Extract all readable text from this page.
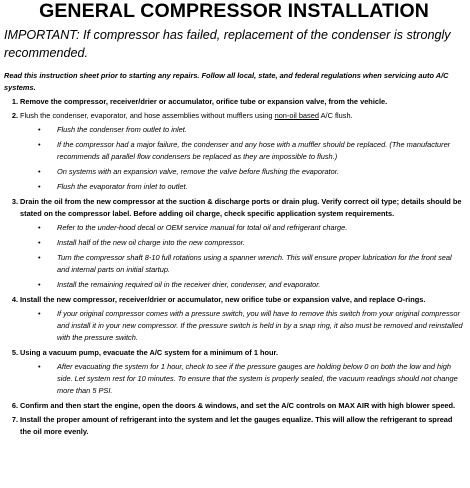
GENERAL COMPRESSOR INSTALLATION

IMPORTANT: If compressor has failed, replacement of the condenser is strongly recommended.

Read this instruction sheet prior to starting any repairs. Follow all local, state, and federal regulations when servicing auto A/C systems.

1. Remove the compressor, receiver/drier or accumulator, orifice tube or expansion valve, from the vehicle.
2. Flush the condenser, evaporator, and hose assemblies without mufflers using non-oil based A/C flush.
• Flush the condenser from outlet to inlet.
• If the compressor had a major failure, the condenser and any hose with a muffler should be replaced. (The manufacturer recommends all parallel flow condensers be replaced as they are impossible to flush.)
• On systems with an expansion valve, remove the valve before flushing the evaporator.
• Flush the evaporator from inlet to outlet.
3. Drain the oil from the new compressor at the suction & discharge ports or drain plug. Verify correct oil type; details should be stated on the compressor label. Before adding oil charge, check specific application system requirements.
• Refer to the under-hood decal or OEM service manual for total oil and refrigerant charge.
• Install half of the new oil charge into the new compressor.
• Turn the compressor shaft 8-10 full rotations using a spanner wrench. This will ensure proper lubrication for the front seal and internal parts on initial startup.
• Install the remaining required oil in the receiver drier, condenser, and evaporator.
4. Install the new compressor, receiver/drier or accumulator, new orifice tube or expansion valve, and replace O-rings.
• If your original compressor comes with a pressure switch, you will have to remove this switch from your original compressor and install it in your new compressor. If the pressure switch is held in by a snap ring, it also must be removed and reinstalled with the pressure switch.
5. Using a vacuum pump, evacuate the A/C system for a minimum of 1 hour.
• After evacuating the system for 1 hour, check to see if the pressure gauges are holding below 0 on both the low and high side. Let system rest for 10 minutes. To ensure that the system is properly sealed, the vacuum readings should not change more than 5 PSI.
6. Confirm and then start the engine, open the doors & windows, and set the A/C controls on MAX AIR with high blower speed.
7. Install the proper amount of refrigerant into the system and let the gauges equalize. This will allow the refrigerant to spread the oil more evenly.
